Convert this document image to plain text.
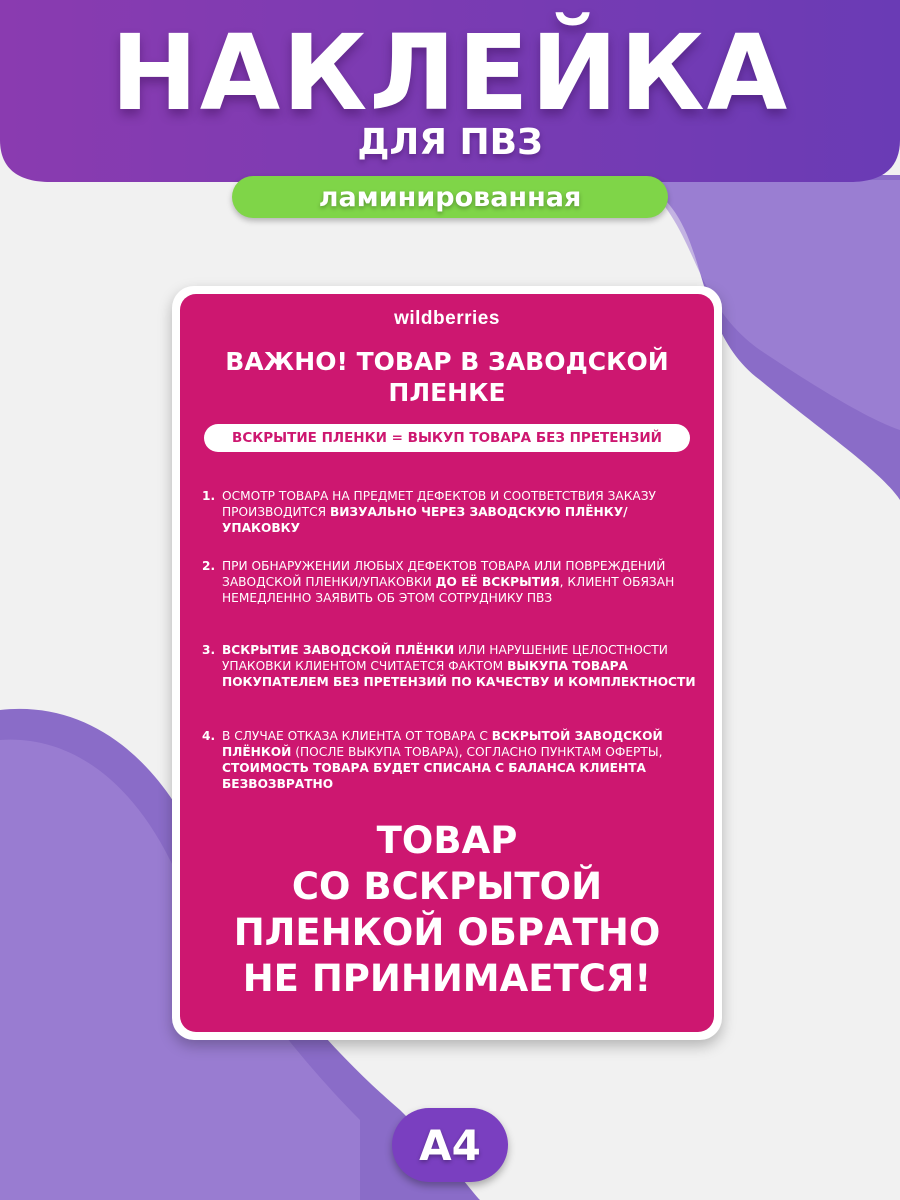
НАКЛЕЙКА
ДЛЯ ПВЗ
ламинированная
wildberries
ВАЖНО! ТОВАР В ЗАВОДСКОЙ
ПЛЕНКЕ
ВСКРЫТИЕ ПЛЕНКИ = ВЫКУП ТОВАРА БЕЗ ПРЕТЕНЗИЙ
1. ОСМОТР ТОВАРА НА ПРЕДМЕТ ДЕФЕКТОВ И СООТВЕТСТВИЯ ЗАКАЗУ ПРОИЗВОДИТСЯ ВИЗУАЛЬНО ЧЕРЕЗ ЗАВОДСКУЮ ПЛЁНКУ/УПАКОВКУ
2. ПРИ ОБНАРУЖЕНИИ ЛЮБЫХ ДЕФЕКТОВ ТОВАРА ИЛИ ПОВРЕЖДЕНИЙ ЗАВОДСКОЙ ПЛЕНКИ/УПАКОВКИ ДО ЕЁ ВСКРЫТИЯ, КЛИЕНТ ОБЯЗАН НЕМЕДЛЕННО ЗАЯВИТЬ ОБ ЭТОМ СОТРУДНИКУ ПВЗ
3. ВСКРЫТИЕ ЗАВОДСКОЙ ПЛЁНКИ ИЛИ НАРУШЕНИЕ ЦЕЛОСТНОСТИ УПАКОВКИ КЛИЕНТОМ СЧИТАЕТСЯ ФАКТОМ ВЫКУПА ТОВАРА ПОКУПАТЕЛЕМ БЕЗ ПРЕТЕНЗИЙ ПО КАЧЕСТВУ И КОМПЛЕКТНОСТИ
4. В СЛУЧАЕ ОТКАЗА КЛИЕНТА ОТ ТОВАРА С ВСКРЫТОЙ ЗАВОДСКОЙ ПЛЁНКОЙ (ПОСЛЕ ВЫКУПА ТОВАРА), СОГЛАСНО ПУНКТАМ ОФЕРТЫ, СТОИМОСТЬ ТОВАРА БУДЕТ СПИСАНА С БАЛАНСА КЛИЕНТА БЕЗВОЗВРАТНО
ТОВАР
СО ВСКРЫТОЙ
ПЛЕНКОЙ ОБРАТНО
НЕ ПРИНИМАЕТСЯ!
А4
